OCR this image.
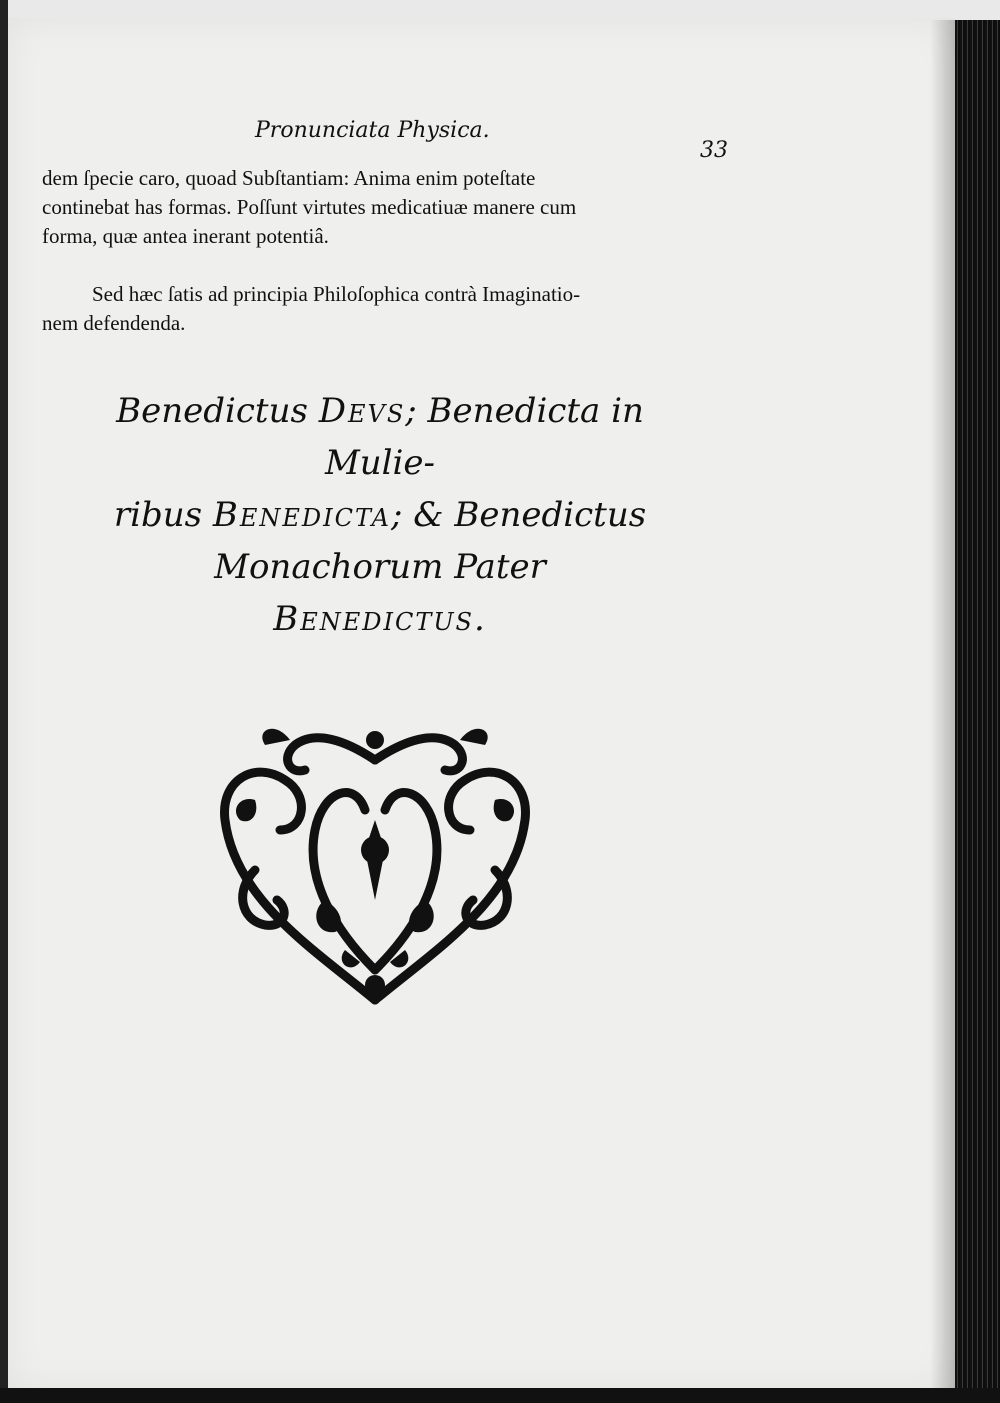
Pronunciata Physica.
33
dem ſpecie caro, quoad Subſtantiam: Anima enim poteſtate
continebat has formas. Poſſunt virtutes medicatiuæ manere cum
forma, quæ antea inerant potentiâ.
Sed hæc ſatis ad principia Philoſophica contrà Imaginatio-
nem defendenda.
Benedictus Devs; Benedicta in Mulie-
ribus Benedicta; & Benedictus
Monachorum Pater
Benedictus.
